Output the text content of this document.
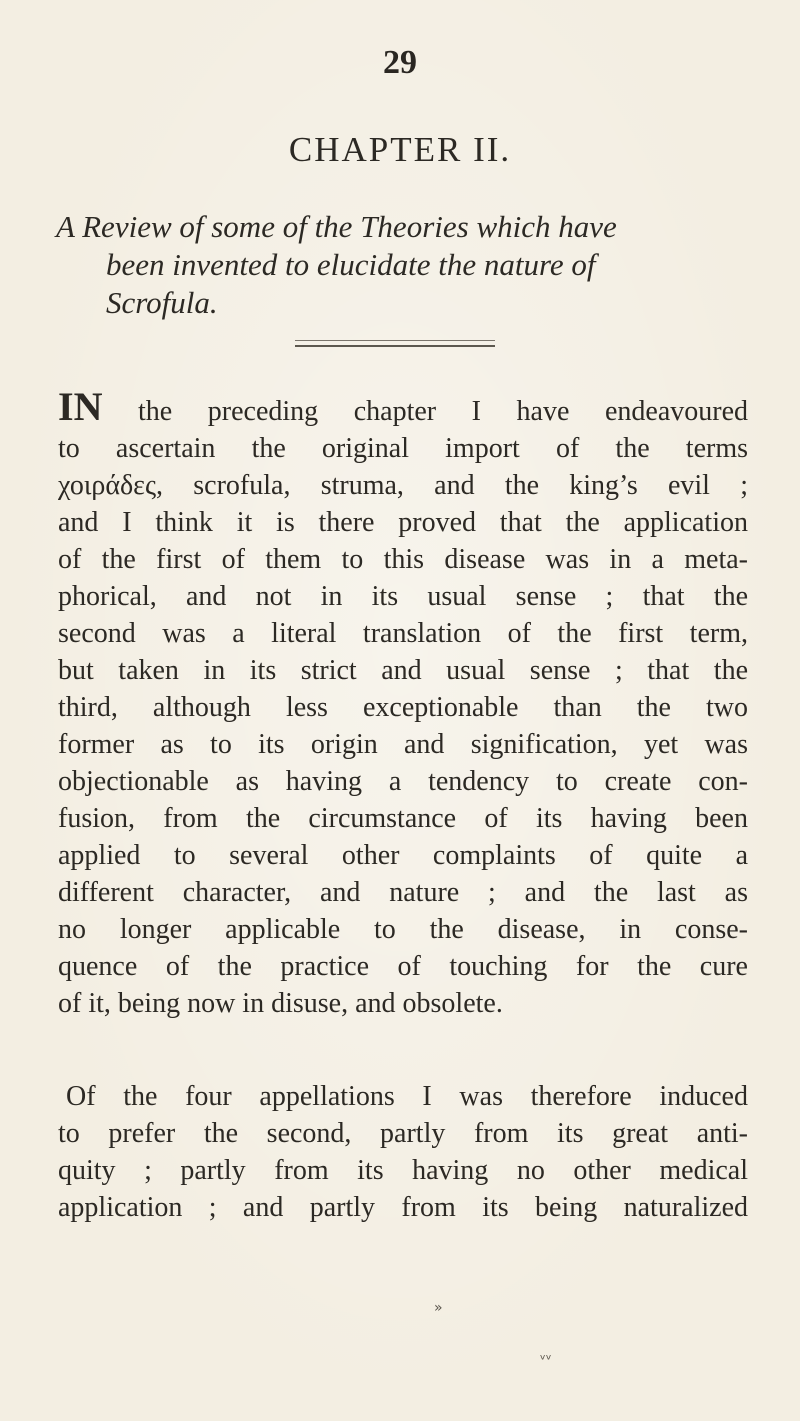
29
CHAPTER II.
A Review of some of the Theories which have
been invented to elucidate the nature of
Scrofula.
IN the preceding chapter I have endeavoured
to ascertain the original import of the terms
χοιράδες, scrofula, struma, and the king’s evil ;
and I think it is there proved that the application
of the first of them to this disease was in a meta-
phorical, and not in its usual sense ; that the
second was a literal translation of the first term,
but taken in its strict and usual sense ; that the
third, although less exceptionable than the two
former as to its origin and signification, yet was
objectionable as having a tendency to create con-
fusion, from the circumstance of its having been
applied to several other complaints of quite a
different character, and nature ; and the last as
no longer applicable to the disease, in conse-
quence of the practice of touching for the cure
of it, being now in disuse, and obsolete.
Of the four appellations I was therefore induced
to prefer the second, partly from its great anti-
quity ; partly from its having no other medical
application ; and partly from its being naturalized
»
ᵛᵛ
